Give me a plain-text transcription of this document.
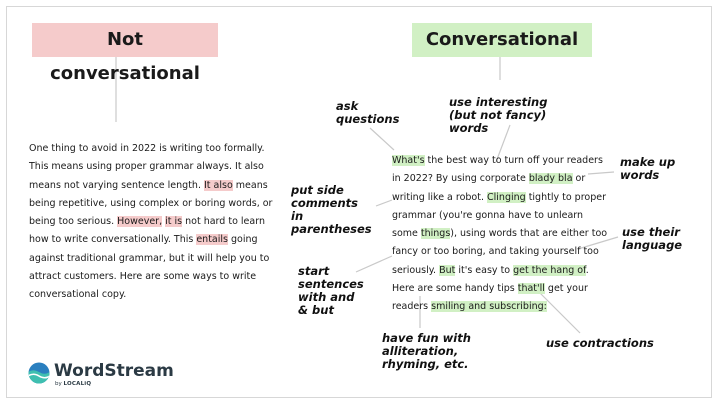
Not conversational
Conversational
One thing to avoid in 2022 is writing too formally. This means using proper grammar always. It also means not varying sentence length. It also means being repetitive, using complex or boring words, or being too serious. However, it is not hard to learn how to write conversationally. This entails going against traditional grammar, but it will help you to attract customers. Here are some ways to write conversational copy.
What's the best way to turn off your readers in 2022? By using corporate blady bla or writing like a robot. Clinging tightly to proper grammar (you're gonna have to unlearn some things), using words that are either too fancy or too boring, and taking yourself too seriously. But it's easy to get the hang of. Here are some handy tips that'll get your readers smiling and subscribing:
ask questions
use interesting (but not fancy) words
make up words
put side comments in parentheses	use their language
start sentences with and & but
have fun with alliteration, rhyming, etc.
use contractions
WordStream
by LOCALiQ
